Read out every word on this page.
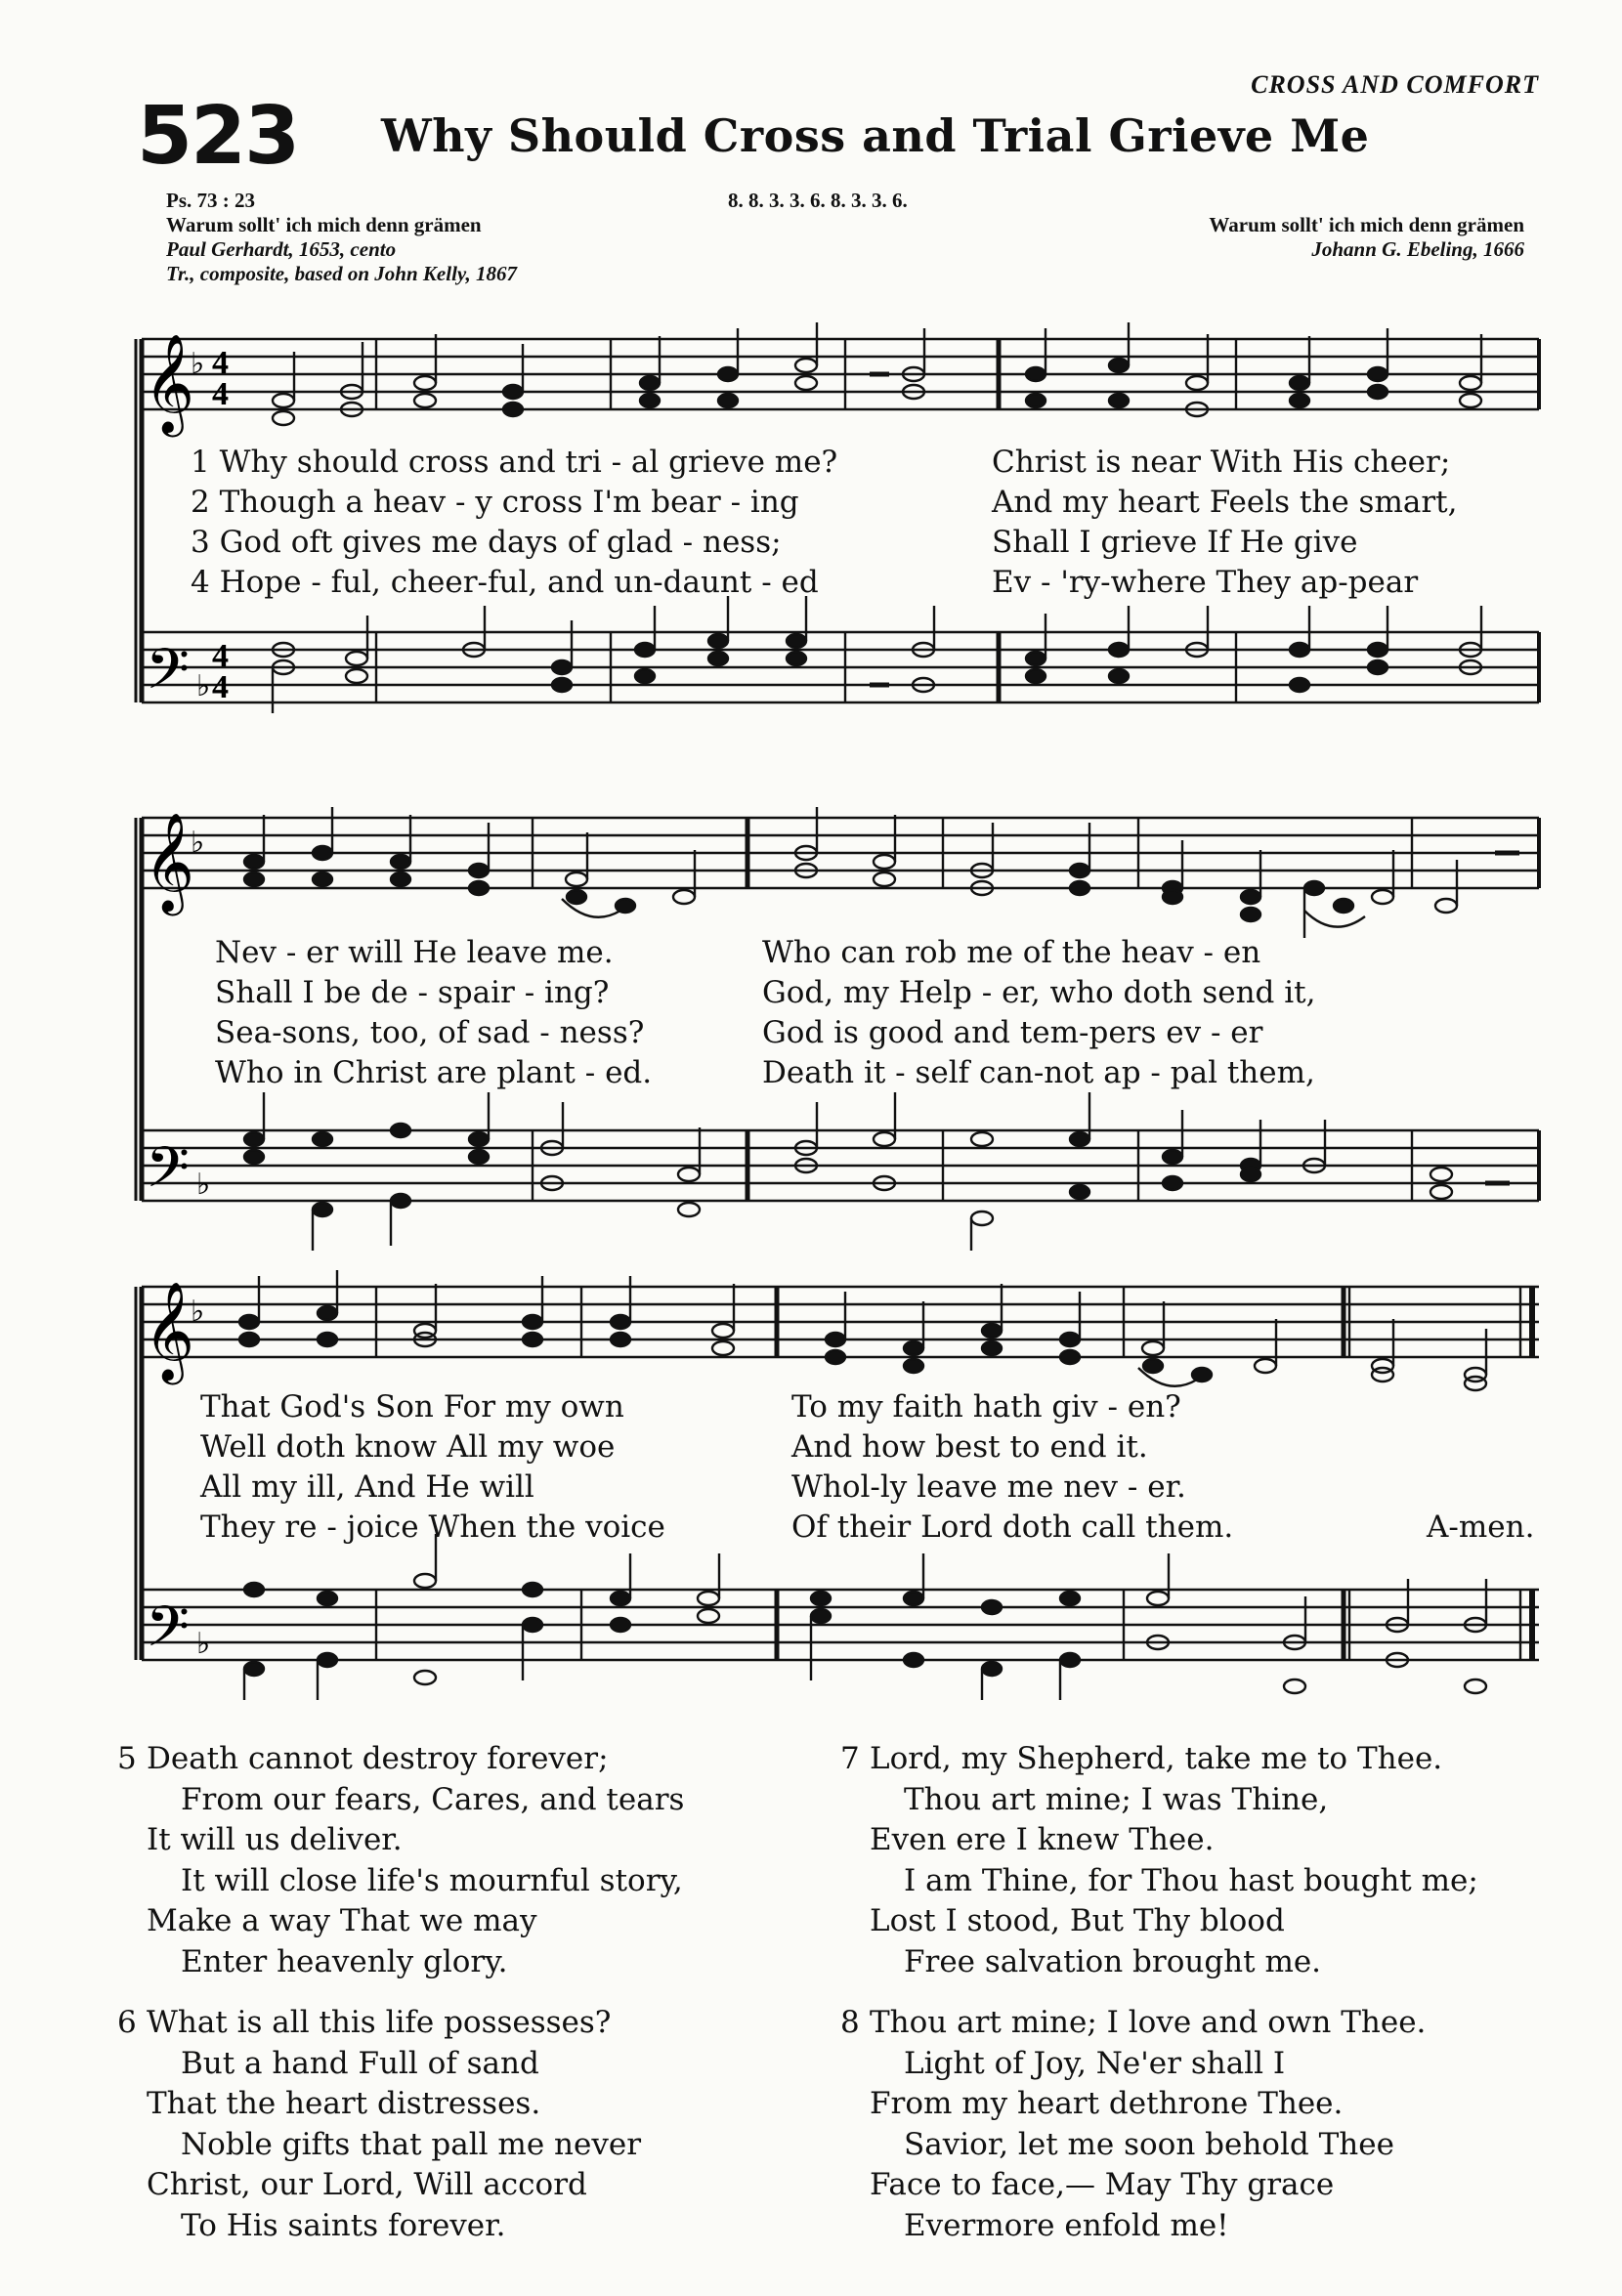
CROSS AND COMFORT
523 Why Should Cross and Trial Grieve Me
Ps. 73 : 23
Warum sollt' ich mich denn grämen
Paul Gerhardt, 1653, cento
Tr., composite, based on John Kelly, 1867
8. 8. 3. 3. 6. 8. 3. 3. 6.
Warum sollt' ich mich denn grämen
Johann G. Ebeling, 1666
𝄞
𝄢
♭ 4
4
♭
4
4
1 Why should cross and tri - al grieve me?	Christ is near With His cheer;
2 Though a heav - y cross I'm bear - ing	And my heart Feels the smart,
3 God oft gives me days of glad - ness;	Shall I grieve If He give
4 Hope - ful, cheer-ful, and un-daunt - ed	Ev - 'ry-where They ap-pear
𝄞
𝄢
♭
♭
Nev - er will He leave me.	Who can rob me of the heav - en
Shall I be de - spair - ing?	God, my Help - er, who doth send it,
Sea-sons, too, of sad - ness?	God is good and tem-pers ev - er
Who in Christ are plant - ed.	Death it - self can-not ap - pal them,
𝄞
𝄢
♭
♭
That God's Son For my own	To my faith hath giv - en?
Well doth know All my woe	And how best to end it.
All my ill, And He will	Whol-ly leave me nev - er.
They re - joice When the voice	Of their Lord doth call them.	A-men.
5 Death cannot destroy forever;
From our fears, Cares, and tears
It will us deliver.
It will close life's mournful story,
Make a way That we may
Enter heavenly glory.
6 What is all this life possesses?
But a hand Full of sand
That the heart distresses.
Noble gifts that pall me never
Christ, our Lord, Will accord
To His saints forever.
7 Lord, my Shepherd, take me to Thee.
Thou art mine; I was Thine,
Even ere I knew Thee.
I am Thine, for Thou hast bought me;
Lost I stood, But Thy blood
Free salvation brought me.
8 Thou art mine; I love and own Thee.
Light of Joy, Ne'er shall I
From my heart dethrone Thee.
Savior, let me soon behold Thee
Face to face,— May Thy grace
Evermore enfold me!
